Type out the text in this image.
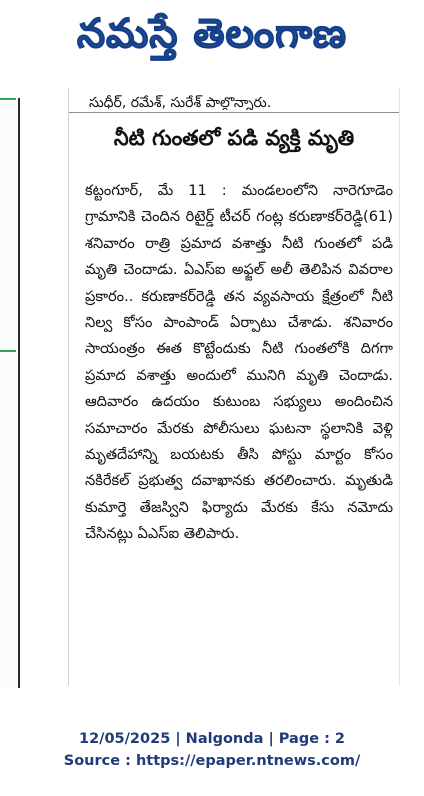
నమస్తే తెలంగాణ
సుధీర్, రమేశ్, సురేశ్ పాల్గొన్నారు.
నీటి గుంతలో పడి వ్యక్తి మృతి
కట్టంగూర్, మే 11 : మండలంలోని నారెగూడెం గ్రామానికి చెందిన రిటైర్డ్ టీచర్ గంట్ల కరుణాకర్‌రెడ్డి(61) శనివారం రాత్రి ప్రమాద వశాత్తు నీటి గుంతలో పడి మృతి చెందాడు. ఏఎస్‌ఐ అఫ్జల్ అలీ తెలిపిన వివరాల ప్రకారం.. కరుణాకర్‌రెడ్డి తన వ్యవసాయ క్షేత్రంలో నీటి నిల్వ కోసం పాంపాండ్ ఏర్పాటు చేశాడు. శనివారం సాయంత్రం ఈత కొట్టేందుకు నీటి గుంతలోకి దిగగా ప్రమాద వశాత్తు అందులో మునిగి మృతి చెందాడు. ఆదివారం ఉదయం కుటుంబ సభ్యులు అందించిన సమాచారం మేరకు పోలీసులు ఘటనా స్థలానికి వెళ్లి మృతదేహాన్ని బయటకు తీసి పోస్టు మార్టం కోసం నకిరేకల్ ప్రభుత్వ దవాఖానకు తరలించారు. మృతుడి కుమార్తె తేజస్విని ఫిర్యాదు మేరకు కేసు నమోదు చేసినట్లు ఏఎస్‌ఐ తెలిపారు.
12/05/2025 | Nalgonda | Page : 2
Source : https://epaper.ntnews.com/
